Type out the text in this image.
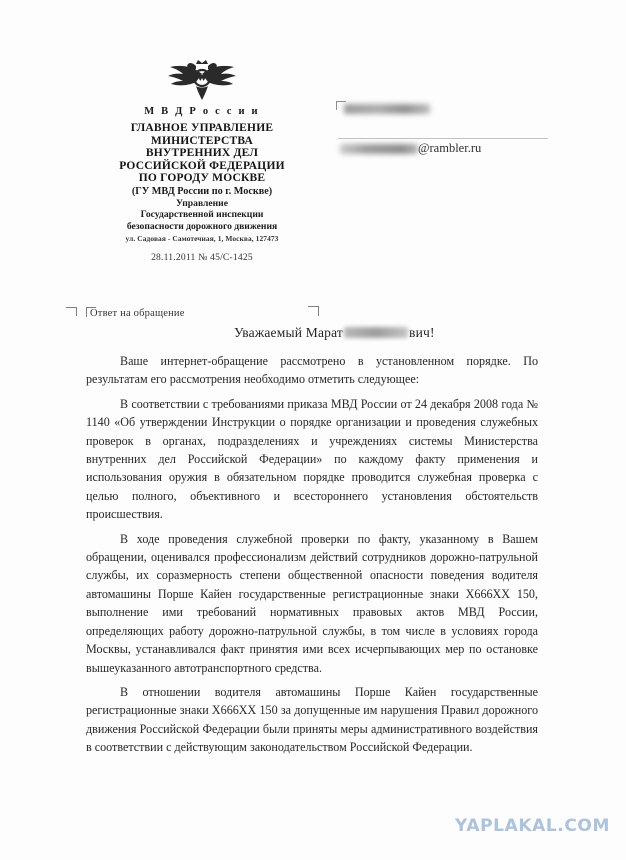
М В Д Р о с с и и
ГЛАВНОЕ УПРАВЛЕНИЕ
МИНИСТЕРСТВА
ВНУТРЕННИХ ДЕЛ
РОССИЙСКОЙ ФЕДЕРАЦИИ
ПО ГОРОДУ МОСКВЕ
(ГУ МВД России по г. Москве)
Управление
Государственной инспекции
безопасности дорожного движения
ул. Садовая - Самотечная, 1, Москва, 127473
28.11.2011 № 45/С-1425
@rambler.ru
Ответ на обращение
Уважаемый Марат	вич!

Ваше интернет-обращение рассмотрено в установленном порядке. По результатам его рассмотрения необходимо отметить следующее:

В соответствии с требованиями приказа МВД России от 24 декабря 2008 года № 1140 «Об утверждении Инструкции о порядке организации и проведения служебных проверок в органах, подразделениях и учреждениях системы Министерства внутренних дел Российской Федерации» по каждому факту применения и использования оружия в обязательном порядке проводится служебная проверка с целью полного, объективного и всестороннего установления обстоятельств происшествия.

В ходе проведения служебной проверки по факту, указанному в Вашем обращении, оценивался профессионализм действий сотрудников дорожно-патрульной службы, их соразмерность степени общественной опасности поведения водителя автомашины Порше Кайен государственные регистрационные знаки Х666ХХ 150, выполнение ими требований нормативных правовых актов МВД России, определяющих работу дорожно-патрульной службы, в том числе в условиях города Москвы, устанавливался факт принятия ими всех исчерпывающих мер по остановке вышеуказанного автотранспортного средства.

В отношении водителя автомашины Порше Кайен государственные регистрационные знаки Х666ХХ 150 за допущенные им нарушения Правил дорожного движения Российской Федерации были приняты меры административного воздействия в соответствии с действующим законодательством Российской Федерации.

YAPLAKAL.COM
